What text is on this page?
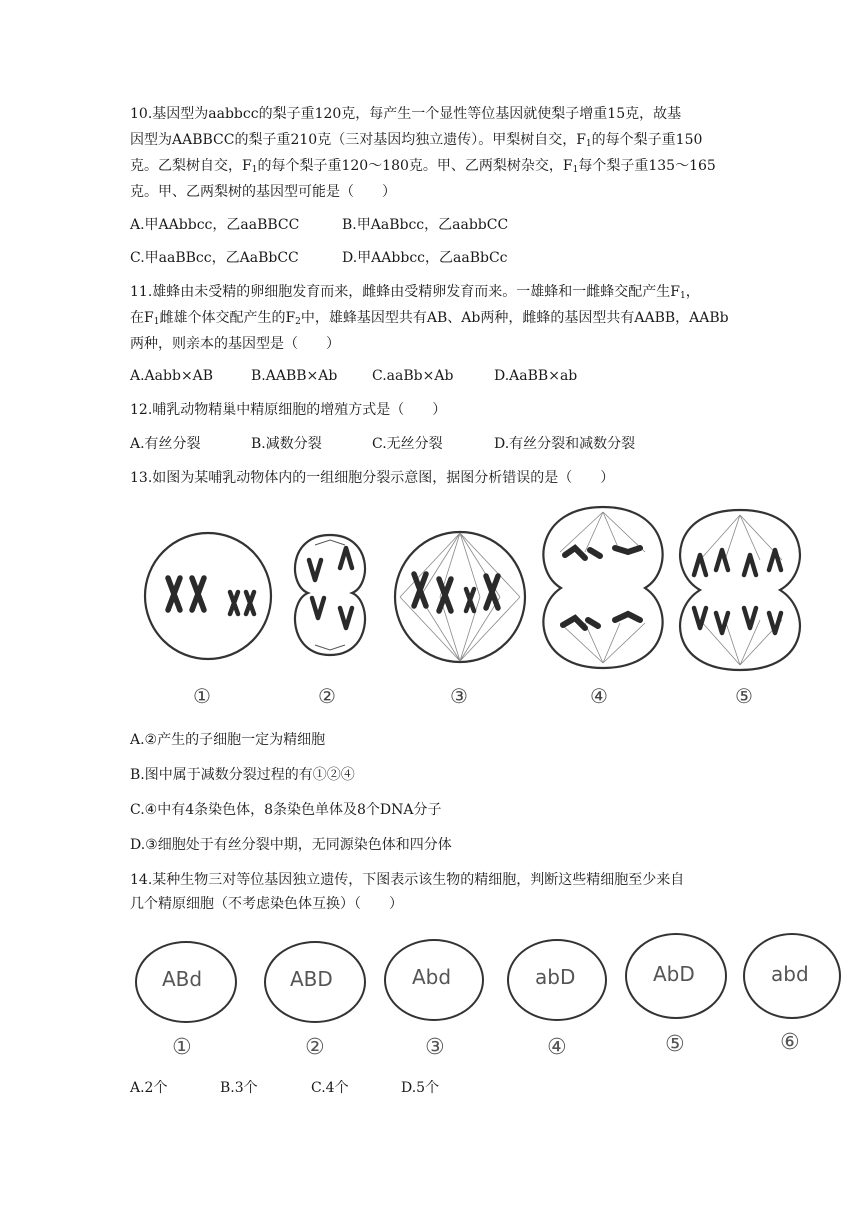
10.基因型为aabbcc的梨子重120克，每产生一个显性等位基因就使梨子增重15克，故基
因型为AABBCC的梨子重210克（三对基因均独立遗传）。甲梨树自交，$F_1$的每个梨子重150
克。乙梨树自交，$F_1$的每个梨子重120～180克。甲、乙两梨树杂交，$F_1$每个梨子重135～165
克。甲、乙两梨树的基因型可能是（　　）
A.甲AAbbcc，乙aaBBCC	B.甲AaBbcc，乙aabbCC
C.甲aaBBcc，乙AaBbCC	D.甲AAbbcc，乙aaBbCc
11.雄蜂由未受精的卵细胞发育而来，雌蜂由受精卵发育而来。一雄蜂和一雌蜂交配产生$F_1$，
在$F_1$雌雄个体交配产生的$F_2$中，雄蜂基因型共有AB、Ab两种，雌蜂的基因型共有AABB，AABb
两种，则亲本的基因型是（　　）
A.Aabb×AB	B.AABB×Ab C.aaBb×Ab	D.AaBB×ab
12.哺乳动物精巢中精原细胞的增殖方式是（　　）
A.有丝分裂	B.减数分裂	C.无丝分裂	D.有丝分裂和减数分裂
13.如图为某哺乳动物体内的一组细胞分裂示意图，据图分析错误的是（　　）
①	②	③	④	⑤
A.②产生的子细胞一定为精细胞
B.图中属于减数分裂过程的有①②④
C.④中有4条染色体，8条染色单体及8个DNA分子
D.③细胞处于有丝分裂中期，无同源染色体和四分体
14.某种生物三对等位基因独立遗传，下图表示该生物的精细胞，判断这些精细胞至少来自
几个精原细胞（不考虑染色体互换）（　　）
ABd	ABD	Abd	abD	AbD	abd
①	②	③	④	⑤	⑥
A.2个	B.3个	C.4个	D.5个
